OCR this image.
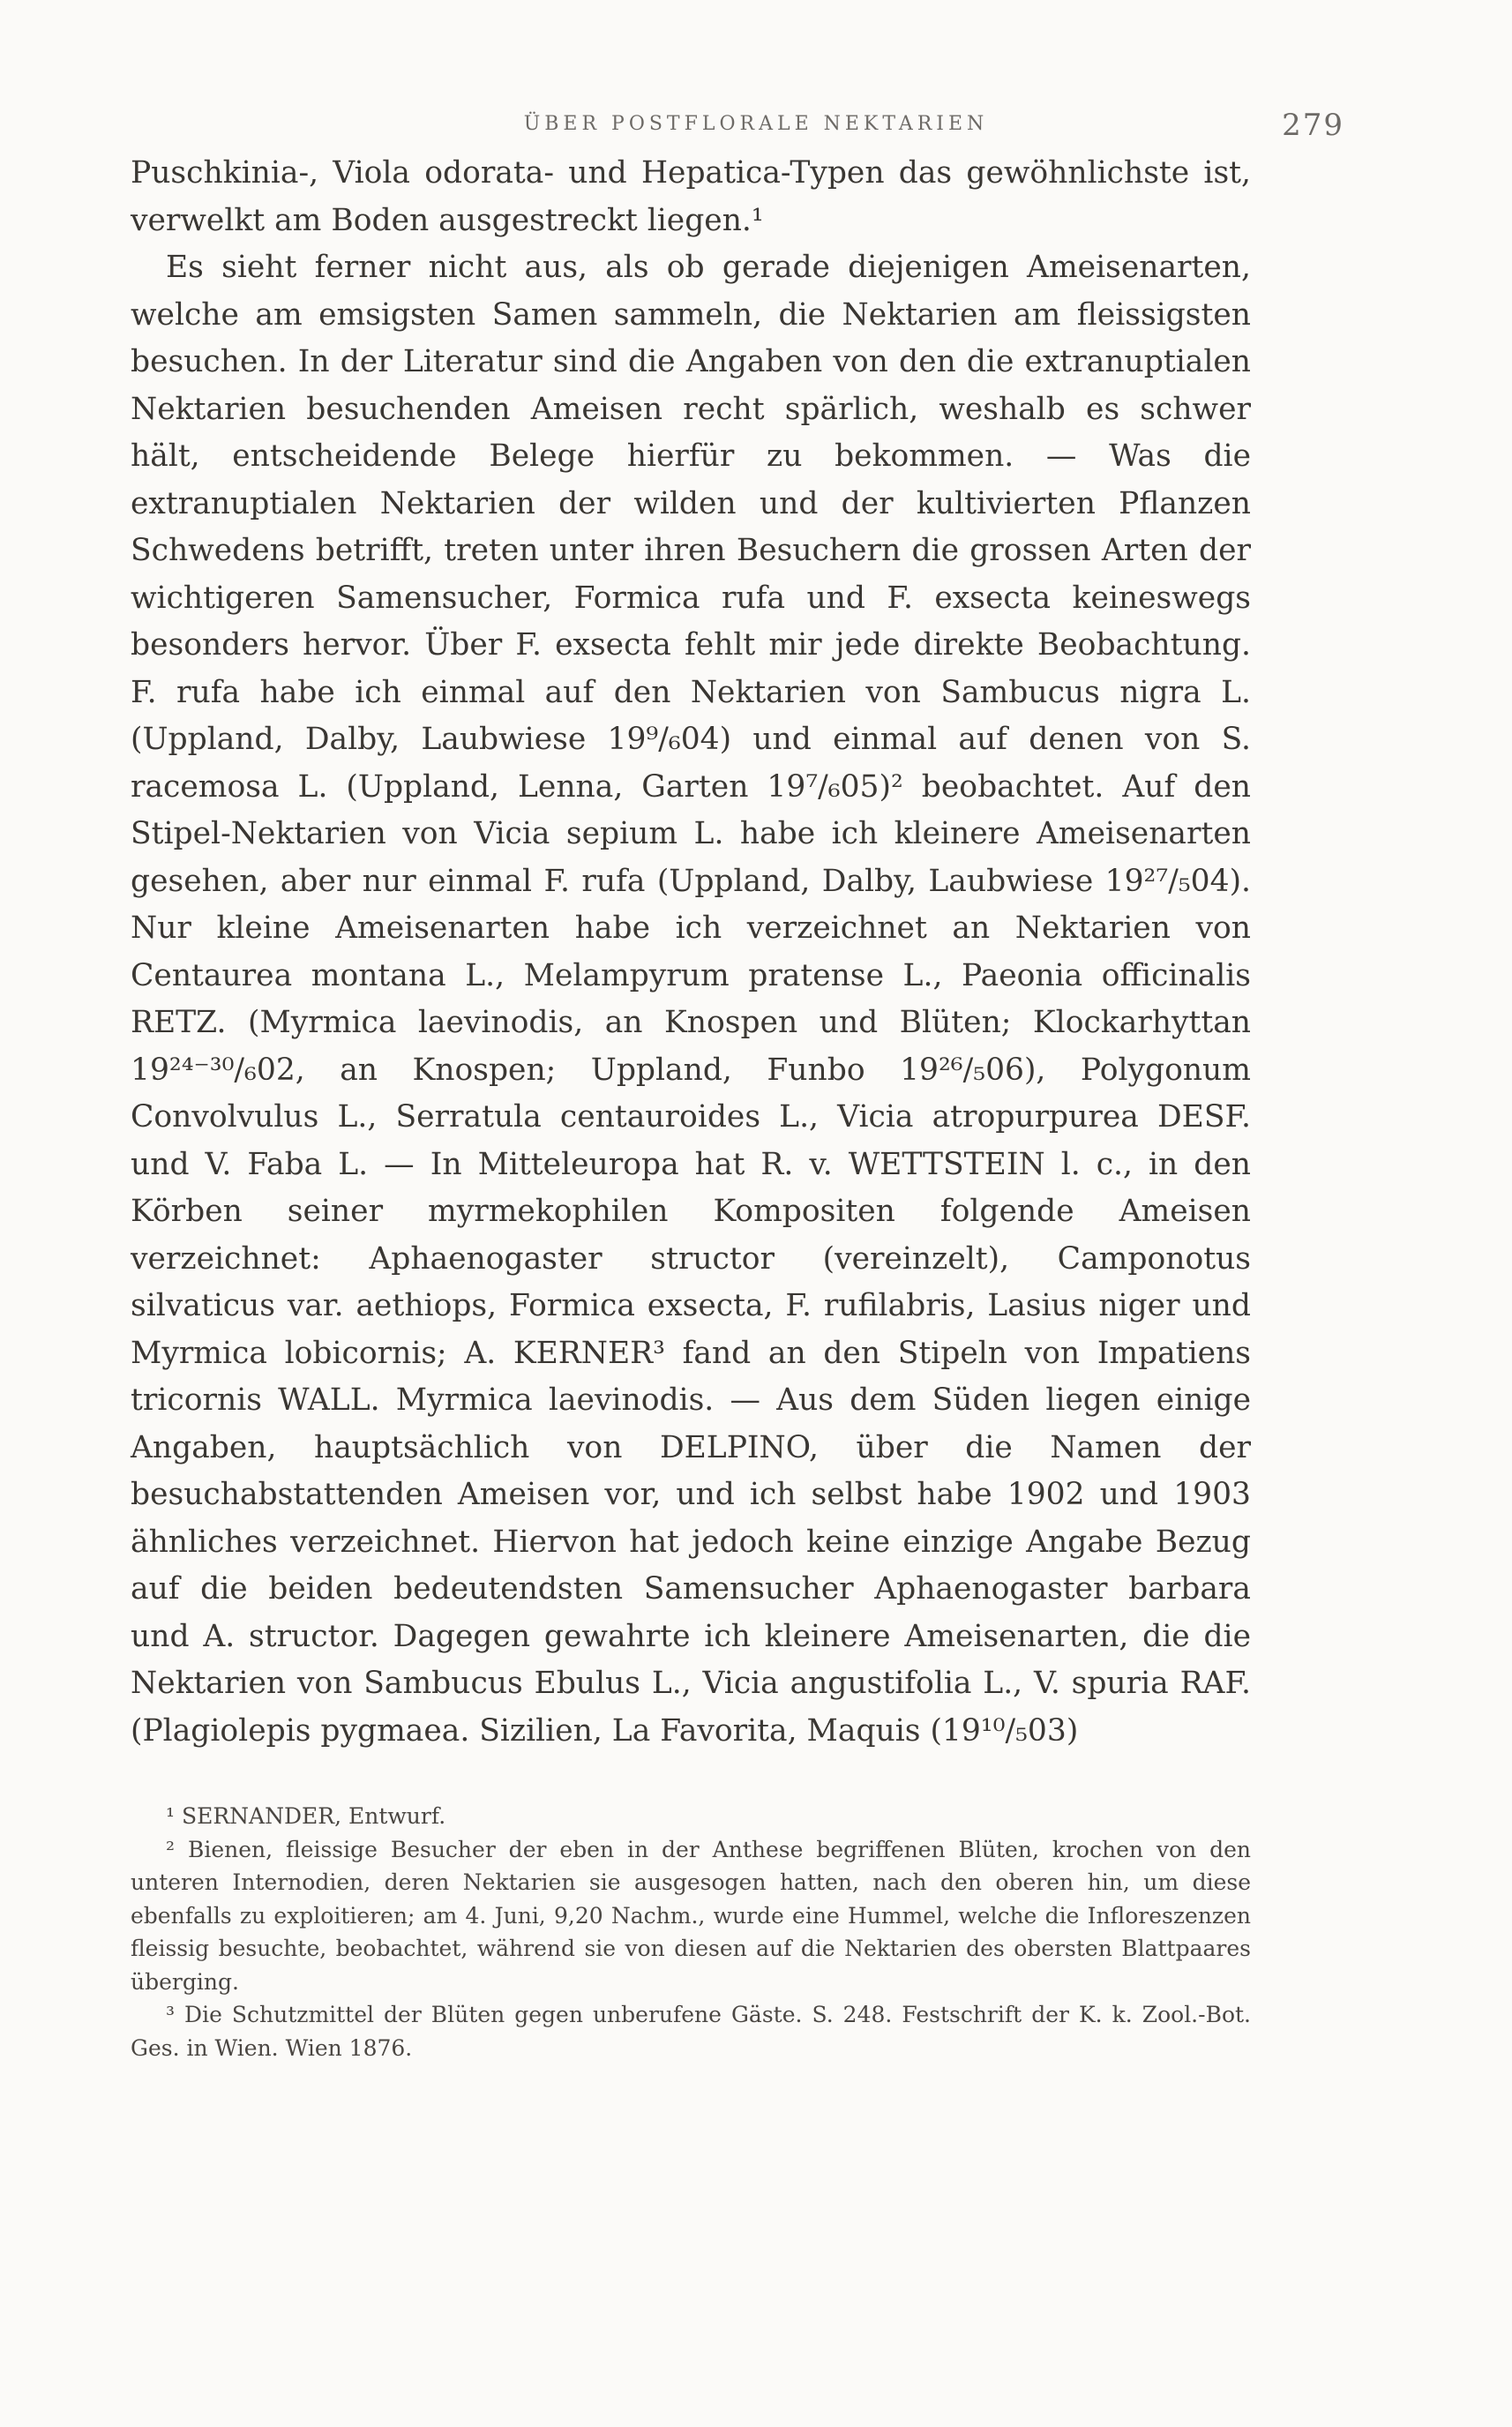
ÜBER POSTFLORALE NEKTARIEN	279

Puschkinia-, Viola odorata- und Hepatica-Typen das gewöhnlichste ist, verwelkt am Boden ausgestreckt liegen.¹

Es sieht ferner nicht aus, als ob gerade diejenigen Ameisenarten, welche am emsigsten Samen sammeln, die Nektarien am fleissigsten besuchen. In der Literatur sind die Angaben von den die extranuptialen Nektarien besuchenden Ameisen recht spärlich, weshalb es schwer hält, entscheidende Belege hierfür zu bekommen. — Was die extranuptialen Nektarien der wilden und der kultivierten Pflanzen Schwedens betrifft, treten unter ihren Besuchern die grossen Arten der wichtigeren Samensucher, Formica rufa und F. exsecta keineswegs besonders hervor. Über F. exsecta fehlt mir jede direkte Beobachtung. F. rufa habe ich einmal auf den Nektarien von Sambucus nigra L. (Uppland, Dalby, Laubwiese 19⁹/₆04) und einmal auf denen von S. racemosa L. (Uppland, Lenna, Garten 19⁷/₆05)² beobachtet. Auf den Stipel-Nektarien von Vicia sepium L. habe ich kleinere Ameisenarten gesehen, aber nur einmal F. rufa (Uppland, Dalby, Laubwiese 19²⁷/₅04). Nur kleine Ameisenarten habe ich verzeichnet an Nektarien von Centaurea montana L., Melampyrum pratense L., Paeonia officinalis RETZ. (Myrmica laevinodis, an Knospen und Blüten; Klockarhyttan 19²⁴⁻³⁰/₆02, an Knospen; Uppland, Funbo 19²⁶/₅06), Polygonum Convolvulus L., Serratula centauroides L., Vicia atropurpurea DESF. und V. Faba L. — In Mitteleuropa hat R. v. WETTSTEIN l. c., in den Körben seiner myrmekophilen Kompositen folgende Ameisen verzeichnet: Aphaenogaster structor (vereinzelt), Camponotus silvaticus var. aethiops, Formica exsecta, F. rufilabris, Lasius niger und Myrmica lobicornis; A. KERNER³ fand an den Stipeln von Impatiens tricornis WALL. Myrmica laevinodis. — Aus dem Süden liegen einige Angaben, hauptsächlich von DELPINO, über die Namen der besuchabstattenden Ameisen vor, und ich selbst habe 1902 und 1903 ähnliches verzeichnet. Hiervon hat jedoch keine einzige Angabe Bezug auf die beiden bedeutendsten Samensucher Aphaenogaster barbara und A. structor. Dagegen gewahrte ich kleinere Ameisenarten, die die Nektarien von Sambucus Ebulus L., Vicia angustifolia L., V. spuria RAF. (Plagiolepis pygmaea. Sizilien, La Favorita, Maquis (19¹⁰/₅03)

¹ SERNANDER, Entwurf.

² Bienen, fleissige Besucher der eben in der Anthese begriffenen Blüten, krochen von den unteren Internodien, deren Nektarien sie ausgesogen hatten, nach den oberen hin, um diese ebenfalls zu exploitieren; am 4. Juni, 9,20 Nachm., wurde eine Hummel, welche die Infloreszenzen fleissig besuchte, beobachtet, während sie von diesen auf die Nektarien des obersten Blattpaares überging.

³ Die Schutzmittel der Blüten gegen unberufene Gäste. S. 248. Festschrift der K. k. Zool.-Bot. Ges. in Wien. Wien 1876.
